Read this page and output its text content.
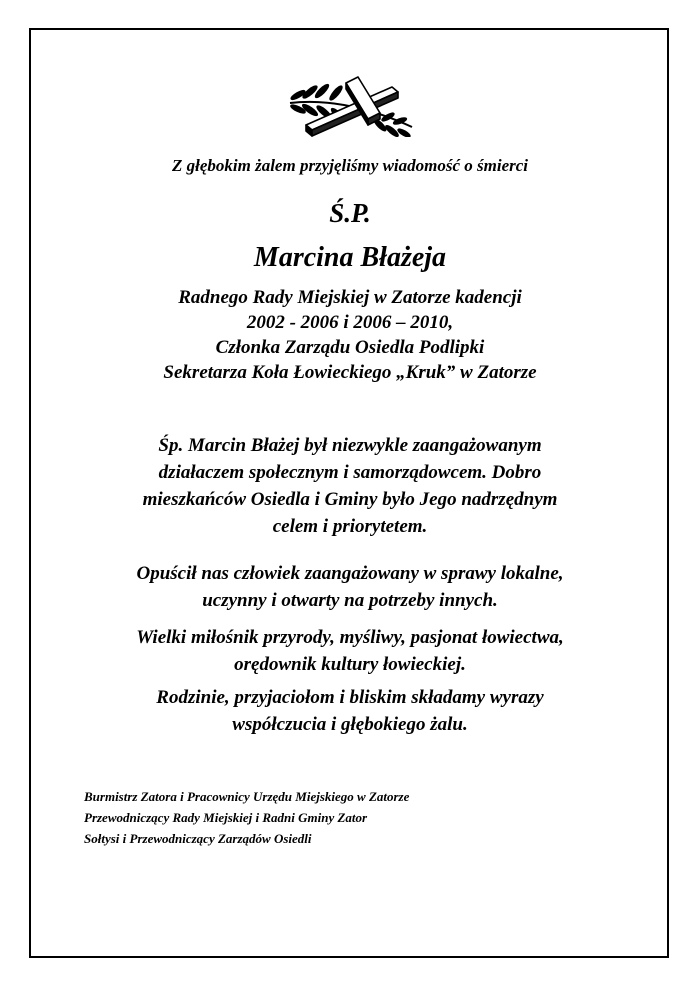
Z głębokim żalem przyjęliśmy wiadomość o śmierci
Ś.P.
Marcina Błażeja
Radnego Rady Miejskiej w Zatorze kadencji
2002 - 2006 i 2006 – 2010,
Członka Zarządu Osiedla Podlipki
Sekretarza Koła Łowieckiego „Kruk” w Zatorze
Śp. Marcin Błażej był niezwykle zaangażowanym
działaczem społecznym i samorządowcem. Dobro
mieszkańców Osiedla i Gminy było Jego nadrzędnym
celem i priorytetem.
Opuścił nas człowiek zaangażowany w sprawy lokalne,
uczynny i otwarty na potrzeby innych.
Wielki miłośnik przyrody, myśliwy, pasjonat łowiectwa,
orędownik kultury łowieckiej.
Rodzinie, przyjaciołom i bliskim składamy wyrazy
współczucia i głębokiego żalu.
Burmistrz Zatora i Pracownicy Urzędu Miejskiego w Zatorze
Przewodniczący Rady Miejskiej i Radni Gminy Zator
Sołtysi i Przewodniczący Zarządów Osiedli
